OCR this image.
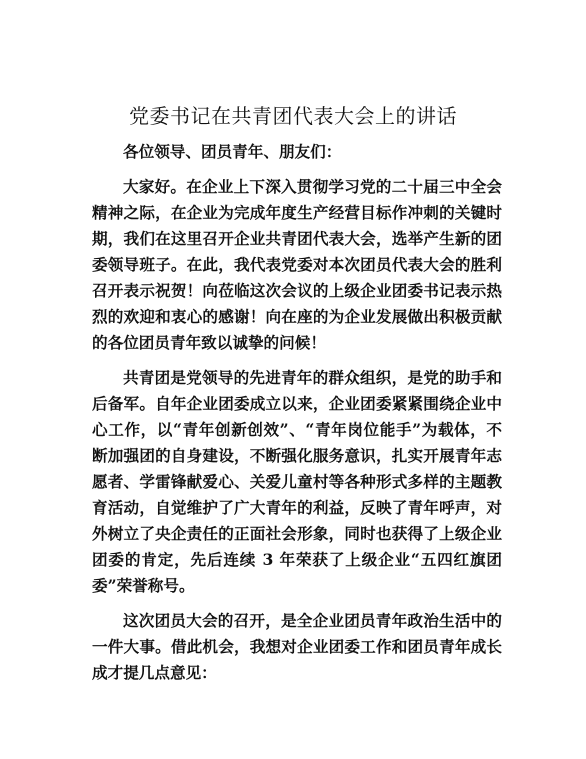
党委书记在共青团代表大会上的讲话

各位领导、团员青年、朋友们：

大家好。在企业上下深入贯彻学习党的二十届三中全会精神之际，在企业为完成年度生产经营目标作冲刺的关键时期，我们在这里召开企业共青团代表大会，选举产生新的团委领导班子。在此，我代表党委对本次团员代表大会的胜利召开表示祝贺！向莅临这次会议的上级企业团委书记表示热烈的欢迎和衷心的感谢！向在座的为企业发展做出积极贡献的各位团员青年致以诚挚的问候！

共青团是党领导的先进青年的群众组织，是党的助手和后备军。自年企业团委成立以来，企业团委紧紧围绕企业中心工作，以“青年创新创效”、“青年岗位能手”为载体，不断加强团的自身建设，不断强化服务意识，扎实开展青年志愿者、学雷锋献爱心、关爱儿童村等各种形式多样的主题教育活动，自觉维护了广大青年的利益，反映了青年呼声，对外树立了央企责任的正面社会形象，同时也获得了上级企业团委的肯定，先后连续 3 年荣获了上级企业“五四红旗团委”荣誉称号。

这次团员大会的召开，是全企业团员青年政治生活中的一件大事。借此机会，我想对企业团委工作和团员青年成长成才提几点意见：
